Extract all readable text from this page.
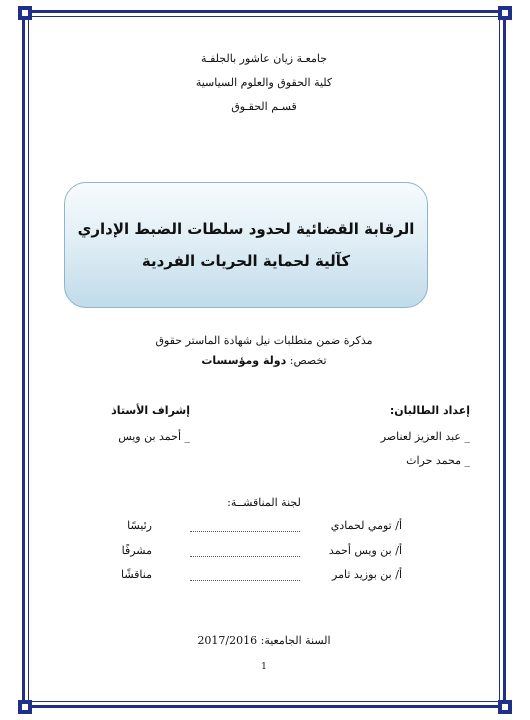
جامعـة زيان عاشور بالجلفـة
كلية الحقوق والعلوم السياسية
قسـم الحقـوق
الرقابة القضائية لحدود سلطات الضبط الإداري
كآلية لحماية الحريات الفردية
مذكرة ضمن متطلبات نيل شهادة الماستر حقوق
تخصص: دولة ومؤسسات
إعداد الطالبان:
_ عبد العزيز لعناصر
_ محمد حراث
إشراف الأستاذ
_ أحمد بن ويس
لجنة المناقشــة:
أ/ تومي لحمادي
رئيسًا
أ/ بن ويس أحمد
مشرفًا
أ/ بن بوزيد ثامر
مناقشًا
السنة الجامعية: 2017/2016
1
